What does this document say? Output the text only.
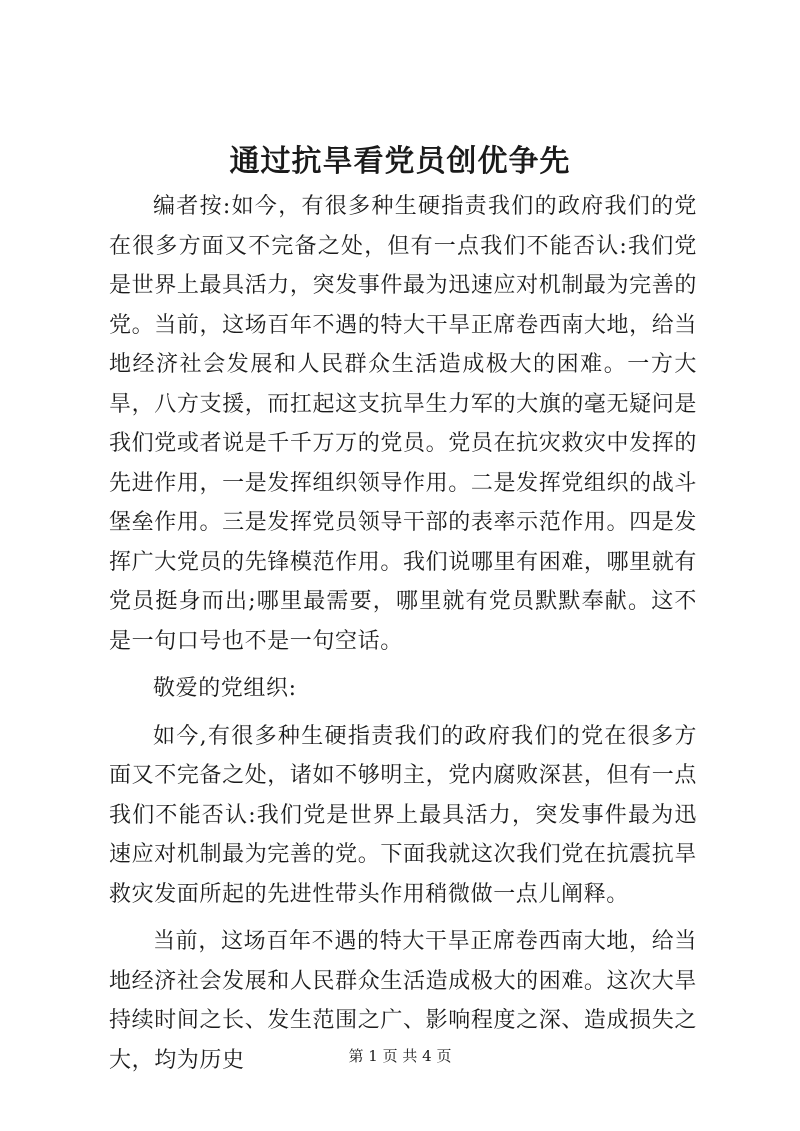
通过抗旱看党员创优争先

编者按:如今，有很多种生硬指责我们的政府我们的党在很多方面又不完备之处，但有一点我们不能否认:我们党是世界上最具活力，突发事件最为迅速应对机制最为完善的党。当前，这场百年不遇的特大干旱正席卷西南大地，给当地经济社会发展和人民群众生活造成极大的困难。一方大旱，八方支援，而扛起这支抗旱生力军的大旗的毫无疑问是我们党或者说是千千万万的党员。党员在抗灾救灾中发挥的先进作用，一是发挥组织领导作用。二是发挥党组织的战斗堡垒作用。三是发挥党员领导干部的表率示范作用。四是发挥广大党员的先锋模范作用。我们说哪里有困难，哪里就有党员挺身而出;哪里最需要，哪里就有党员默默奉献。这不是一句口号也不是一句空话。

敬爱的党组织:

如今,有很多种生硬指责我们的政府我们的党在很多方面又不完备之处，诸如不够明主，党内腐败深甚，但有一点我们不能否认:我们党是世界上最具活力，突发事件最为迅速应对机制最为完善的党。下面我就这次我们党在抗震抗旱救灾发面所起的先进性带头作用稍微做一点儿阐释。

当前，这场百年不遇的特大干旱正席卷西南大地，给当地经济社会发展和人民群众生活造成极大的困难。这次大旱持续时间之长、发生范围之广、影响程度之深、造成损失之大，均为历史	第 1 页 共 4 页
